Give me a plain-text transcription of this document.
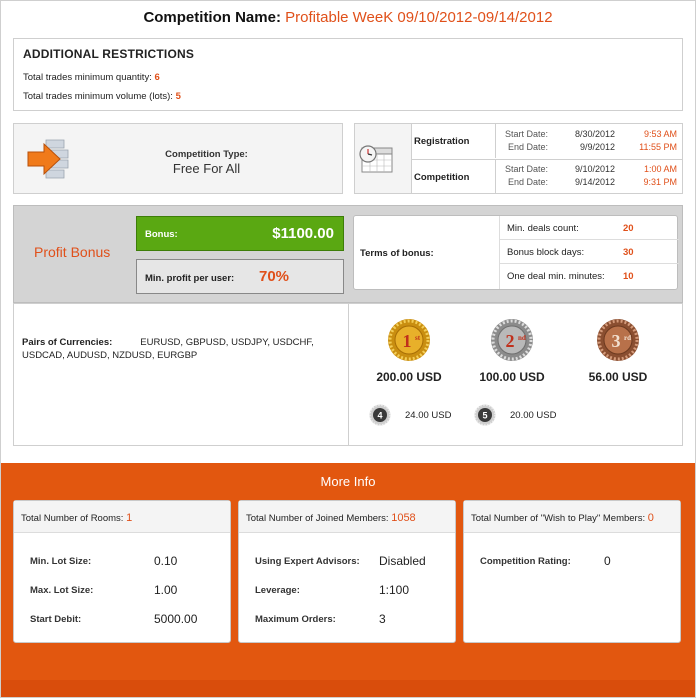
Competition Name: Profitable WeeK 09/10/2012-09/14/2012
ADDITIONAL RESTRICTIONS
Total trades minimum quantity: 6
Total trades minimum volume (lots): 5
Competition Type:
Free For All
Registration
Start Date:	8/30/2012	9:53 AM
End Date:	9/9/2012	11:55 PM
Competition
Start Date:	9/10/2012	1:00 AM
End Date:	9/14/2012	9:31 PM
Profit Bonus
Bonus:	$1100.00
Min. profit per user: 70%
Terms of bonus:
Min. deals count:	20
Bonus block days:	30
One deal min. minutes: 10
Pairs of Currencies:	EURUSD, GBPUSD, USDJPY, USDCHF, USDCAD, AUDUSD, NZDUSD, EURGBP
1 st
200.00 USD
2 nd
100.00 USD
3 rd
56.00 USD
4 24.00 USD	5 20.00 USD
More Info
Total Number of Rooms: 1
Min. Lot Size:	0.10
Max. Lot Size:	1.00
Start Debit:	5000.00
Total Number of Joined Members: 1058
Using Expert Advisors: Disabled
Leverage:	1:100
Maximum Orders:	3
Total Number of "Wish to Play" Members: 0
Competition Rating:	0
